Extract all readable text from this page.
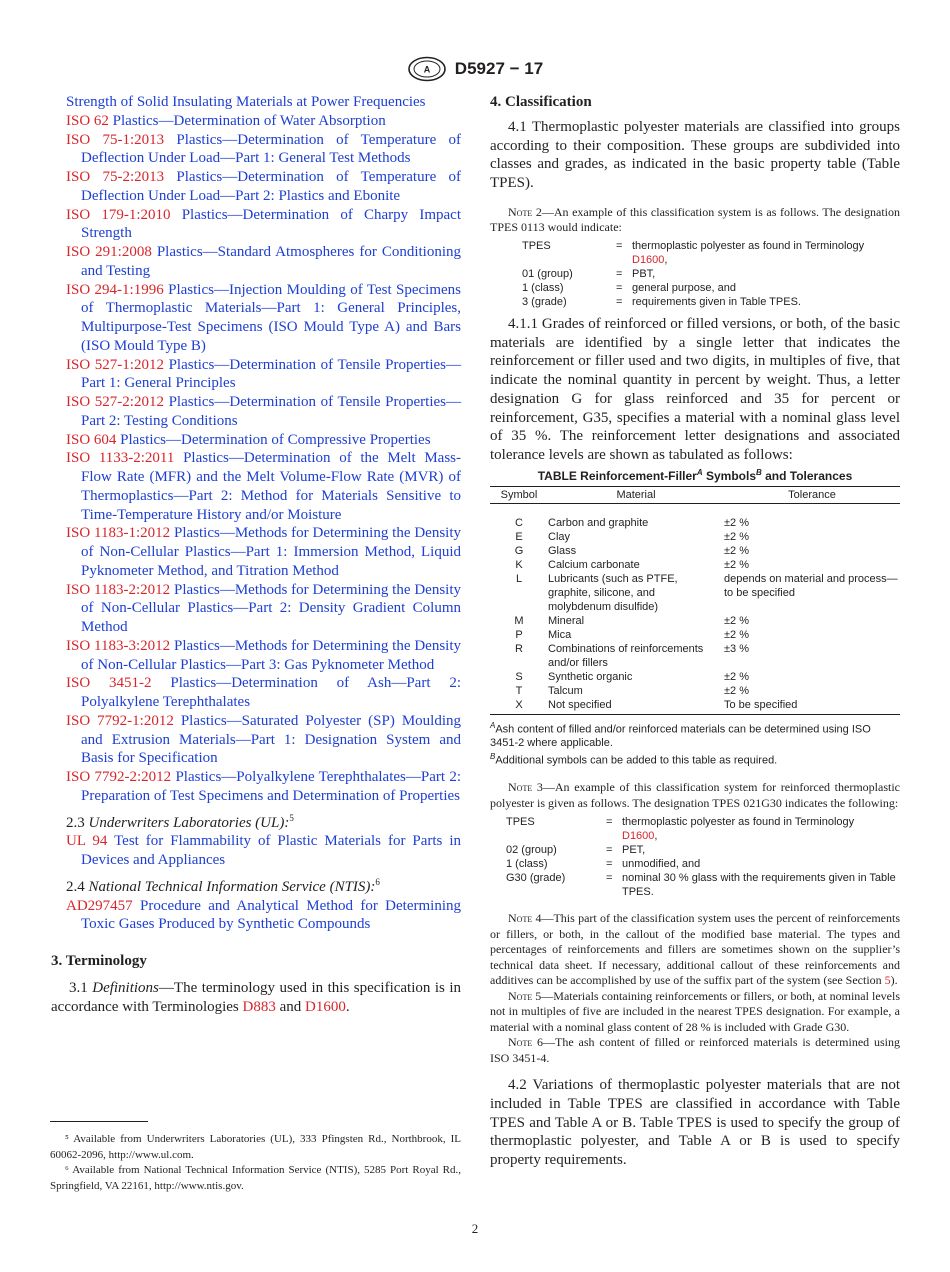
A D5927 − 17

Strength of Solid Insulating Materials at Power Frequencies

ISO 62 Plastics—Determination of Water Absorption

ISO 75-1:2013 Plastics—Determination of Temperature of Deflection Under Load—Part 1: General Test Methods

ISO 75-2:2013 Plastics—Determination of Temperature of Deflection Under Load—Part 2: Plastics and Ebonite

ISO 179-1:2010 Plastics—Determination of Charpy Impact Strength

ISO 291:2008 Plastics—Standard Atmospheres for Conditioning and Testing

ISO 294-1:1996 Plastics—Injection Moulding of Test Specimens of Thermoplastic Materials—Part 1: General Principles, Multipurpose-Test Specimens (ISO Mould Type A) and Bars (ISO Mould Type B)

ISO 527-1:2012 Plastics—Determination of Tensile Properties—Part 1: General Principles

ISO 527-2:2012 Plastics—Determination of Tensile Properties—Part 2: Testing Conditions

ISO 604 Plastics—Determination of Compressive Properties

ISO 1133-2:2011 Plastics—Determination of the Melt Mass-Flow Rate (MFR) and the Melt Volume-Flow Rate (MVR) of Thermoplastics—Part 2: Method for Materials Sensitive to Time-Temperature History and/or Moisture

ISO 1183-1:2012 Plastics—Methods for Determining the Density of Non-Cellular Plastics—Part 1: Immersion Method, Liquid Pyknometer Method, and Titration Method

ISO 1183-2:2012 Plastics—Methods for Determining the Density of Non-Cellular Plastics—Part 2: Density Gradient Column Method

ISO 1183-3:2012 Plastics—Methods for Determining the Density of Non-Cellular Plastics—Part 3: Gas Pyknometer Method

ISO 3451-2 Plastics—Determination of Ash—Part 2: Polyalkylene Terephthalates

ISO 7792-1:2012 Plastics—Saturated Polyester (SP) Moulding and Extrusion Materials—Part 1: Designation System and Basis for Specification

ISO 7792-2:2012 Plastics—Polyalkylene Terephthalates—Part 2: Preparation of Test Specimens and Determination of Properties

2.3 Underwriters Laboratories (UL):$^5$

UL 94 Test for Flammability of Plastic Materials for Parts in Devices and Appliances

2.4 National Technical Information Service (NTIS):$^6$

AD297457 Procedure and Analytical Method for Determining Toxic Gases Produced by Synthetic Compounds

3. Terminology

3.1 Definitions—The terminology used in this specification is in accordance with Terminologies D883 and D1600.

⁵ Available from Underwriters Laboratories (UL), 333 Pfingsten Rd., Northbrook, IL 60062-2096, http://www.ul.com.

⁶ Available from National Technical Information Service (NTIS), 5285 Port Royal Rd., Springfield, VA 22161, http://www.ntis.gov.

4. Classification

4.1 Thermoplastic polyester materials are classified into groups according to their composition. These groups are subdivided into classes and grades, as indicated in the basic property table (Table TPES).

Note 2—An example of this classification system is as follows. The designation TPES 0113 would indicate:

TPES	=	thermoplastic polyester as found in Terminology
D1600,
01 (group)	=	PBT,
1 (class)	=	general purpose, and
3 (grade)	=	requirements given in Table TPES.

4.1.1 Grades of reinforced or filled versions, or both, of the basic materials are identified by a single letter that indicates the reinforcement or filler used and two digits, in multiples of five, that indicate the nominal quantity in percent by weight. Thus, a letter designation G for glass reinforced and 35 for percent or reinforcement, G35, specifies a material with a nominal glass level of 35 %. The reinforcement letter designations and associated tolerance levels are shown as tabulated as follows:

TABLE Reinforcement-Filler$^A$ Symbols$^B$ and Tolerances
Symbol	Material	Tolerance

C	Carbon and graphite	±2 %
E	Clay	±2 %
G	Glass	±2 %
K	Calcium carbonate	±2 %
L	Lubricants (such as PTFE, graphite, silicone, and molybdenum disulfide)	depends on material and process—to be specified
M	Mineral	±2 %
P	Mica	±2 %
R	Combinations of reinforcements and/or fillers	±3 %
S	Synthetic organic	±2 %
T	Talcum	±2 %
X	Not specified	To be specified

$^A$Ash content of filled and/or reinforced materials can be determined using ISO 3451-2 where applicable.

$^B$Additional symbols can be added to this table as required.

Note 3—An example of this classification system for reinforced thermoplastic polyester is given as follows. The designation TPES 021G30 indicates the following:

TPES	=	thermoplastic polyester as found in Terminology
D1600,
02 (group)	=	PET,
1 (class)	=	unmodified, and
G30 (grade)	=	nominal 30 % glass with the requirements given in Table TPES.

Note 4—This part of the classification system uses the percent of reinforcements or fillers, or both, in the callout of the modified base material. The types and percentages of reinforcements and fillers are sometimes shown on the supplier’s technical data sheet. If necessary, additional callout of these reinforcements and additives can be accomplished by use of the suffix part of the system (see Section 5).

Note 5—Materials containing reinforcements or fillers, or both, at nominal levels not in multiples of five are included in the nearest TPES designation. For example, a material with a nominal glass content of 28 % is included with Grade G30.

Note 6—The ash content of filled or reinforced materials is determined using ISO 3451-4.

4.2 Variations of thermoplastic polyester materials that are not included in Table TPES are classified in accordance with Table TPES and Table A or B. Table TPES is used to specify the group of thermoplastic polyester, and Table A or B is used to specify property requirements.

2
